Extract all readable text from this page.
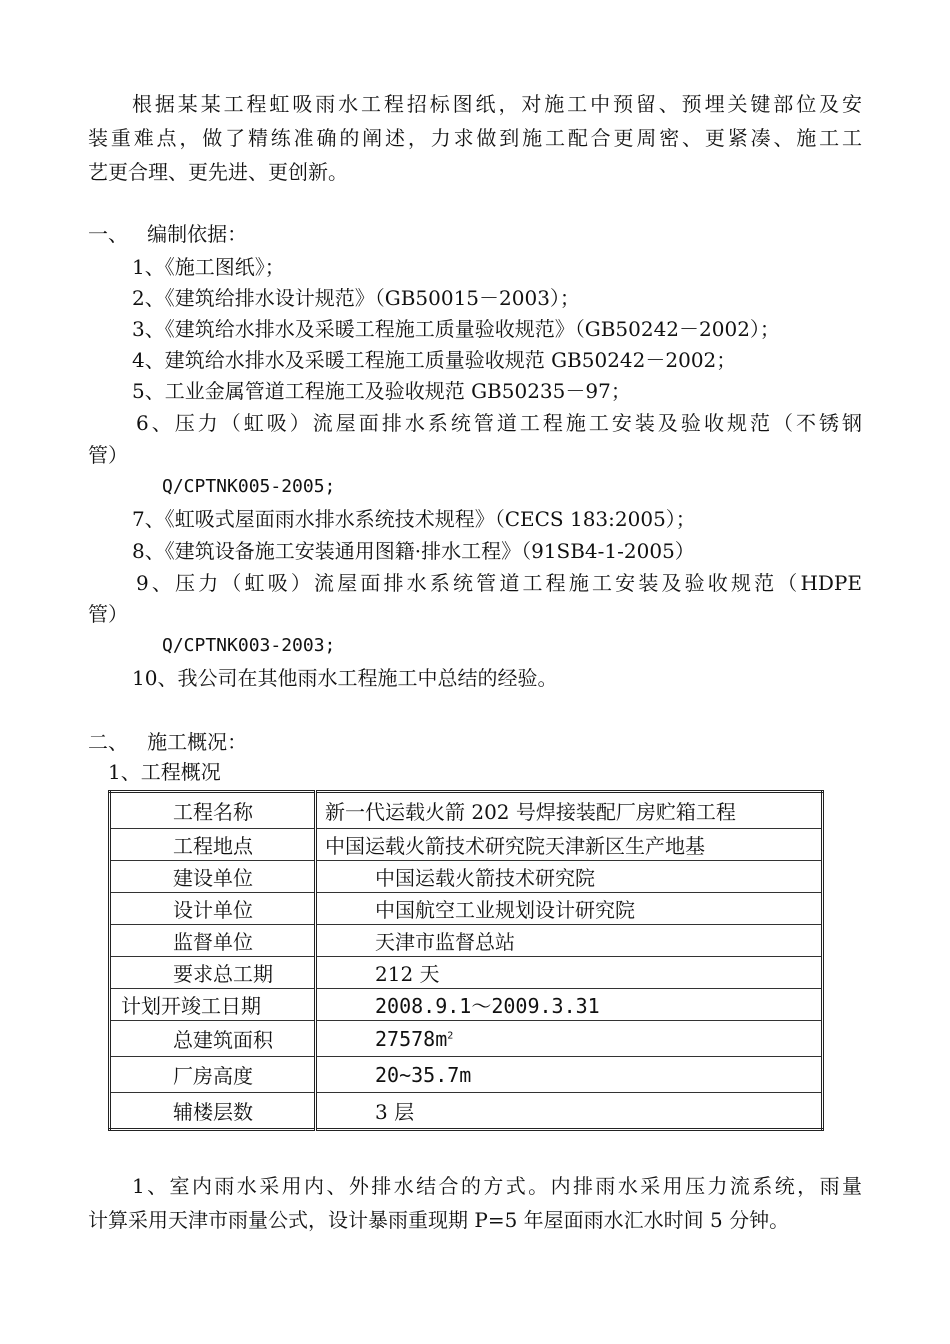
根据某某工程虹吸雨水工程招标图纸，对施工中预留、预埋关键部位及安
装重难点，做了精练准确的阐述，力求做到施工配合更周密、更紧凑、施工工
艺更合理、更先进、更创新。
一、   编制依据：
1、《施工图纸》；
2、《建筑给排水设计规范》（GB50015－2003）；
3、《建筑给水排水及采暖工程施工质量验收规范》（GB50242－2002）；
4、建筑给水排水及采暖工程施工质量验收规范 GB50242－2002；
5、工业金属管道工程施工及验收规范 GB50235－97；
6、压力（虹吸）流屋面排水系统管道工程施工安装及验收规范（不锈钢
管）
Q/CPTNK005-2005;
7、《虹吸式屋面雨水排水系统技术规程》（CECS 183:2005）；
8、《建筑设备施工安装通用图籍·排水工程》（91SB4-1-2005）
9、压力（虹吸）流屋面排水系统管道工程施工安装及验收规范（HDPE
管）
Q/CPTNK003-2003;
10、我公司在其他雨水工程施工中总结的经验。
二、   施工概况：
1、工程概况
工程名称	新一代运载火箭 202 号焊接装配厂房贮箱工程
工程地点	中国运载火箭技术研究院天津新区生产地基
建设单位	中国运载火箭技术研究院
设计单位	中国航空工业规划设计研究院
监督单位	天津市监督总站
要求总工期	212 天
计划开竣工日期	2008.9.1～2009.3.31
总建筑面积	$27578m^2$
厂房高度	20~35.7m
辅楼层数	3 层
1、室内雨水采用内、外排水结合的方式。内排雨水采用压力流系统，雨量
计算采用天津市雨量公式，设计暴雨重现期 P=5 年屋面雨水汇水时间 5 分钟。
